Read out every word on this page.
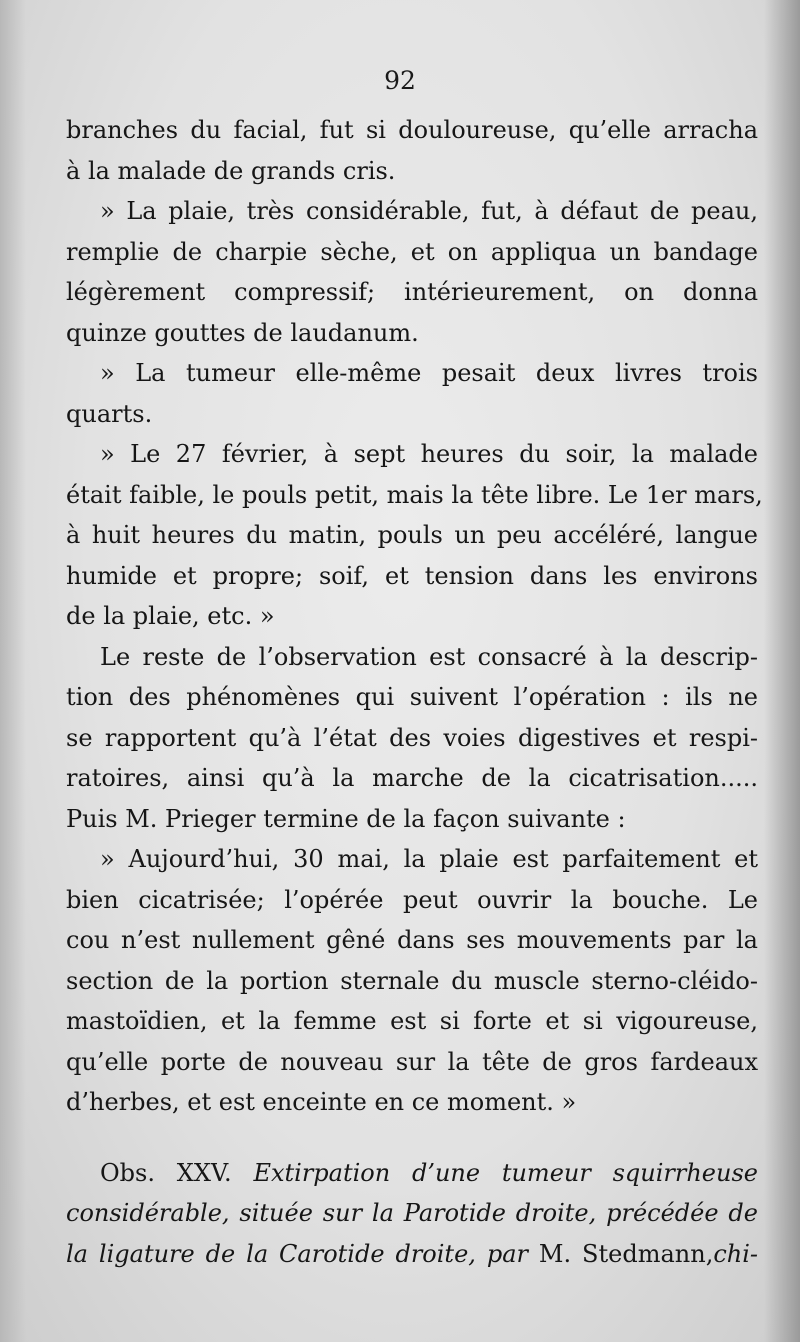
92
branches du facial, fut si douloureuse, qu’elle arracha
à la malade de grands cris.
» La plaie, très considérable, fut, à défaut de peau,
remplie de charpie sèche, et on appliqua un bandage
légèrement compressif; intérieurement, on donna
quinze gouttes de laudanum.
» La tumeur elle-même pesait deux livres trois
quarts.
» Le 27 février, à sept heures du soir, la malade
était faible, le pouls petit, mais la tête libre. Le 1er mars,
à huit heures du matin, pouls un peu accéléré, langue
humide et propre; soif, et tension dans les environs
de la plaie, etc. »
Le reste de l’observation est consacré à la descrip-
tion des phénomènes qui suivent l’opération : ils ne
se rapportent qu’à l’état des voies digestives et respi-
ratoires, ainsi qu’à la marche de la cicatrisation.....
Puis M. Prieger termine de la façon suivante :
» Aujourd’hui, 30 mai, la plaie est parfaitement et
bien cicatrisée; l’opérée peut ouvrir la bouche. Le
cou n’est nullement gêné dans ses mouvements par la
section de la portion sternale du muscle sterno-cléido-
mastoïdien, et la femme est si forte et si vigoureuse,
qu’elle porte de nouveau sur la tête de gros fardeaux
d’herbes, et est enceinte en ce moment. »
Obs. XXV. Extirpation d’une tumeur squirrheuse
considérable, située sur la Parotide droite, précédée de
la ligature de la Carotide droite, par M. Stedmann,chi-
